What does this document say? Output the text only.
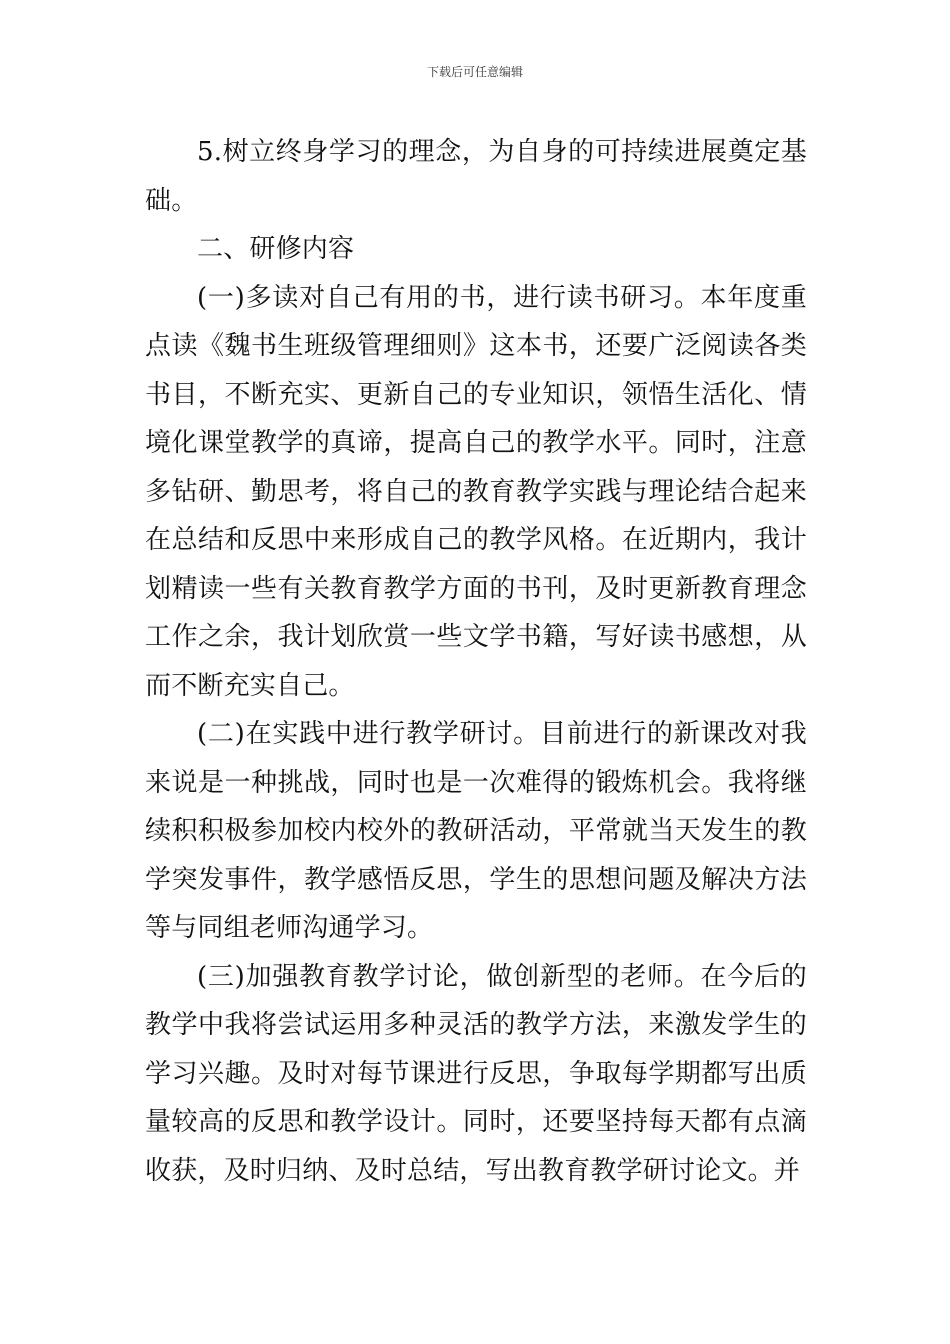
下载后可任意编辑

5.树立终身学习的理念，为自身的可持续进展奠定基础。

二、研修内容

(一)多读对自己有用的书，进行读书研习。本年度重点读《魏书生班级管理细则》这本书，还要广泛阅读各类书目，不断充实、更新自己的专业知识，领悟生活化、情境化课堂教学的真谛，提高自己的教学水平。同时，注意多钻研、勤思考，将自己的教育教学实践与理论结合起来在总结和反思中来形成自己的教学风格。在近期内，我计划精读一些有关教育教学方面的书刊，及时更新教育理念工作之余，我计划欣赏一些文学书籍，写好读书感想，从而不断充实自己。

(二)在实践中进行教学研讨。目前进行的新课改对我来说是一种挑战，同时也是一次难得的锻炼机会。我将继续积积极参加校内校外的教研活动，平常就当天发生的教学突发事件，教学感悟反思，学生的思想问题及解决方法等与同组老师沟通学习。

(三)加强教育教学讨论，做创新型的老师。在今后的教学中我将尝试运用多种灵活的教学方法，来激发学生的学习兴趣。及时对每节课进行反思，争取每学期都写出质量较高的反思和教学设计。同时，还要坚持每天都有点滴收获，及时归纳、及时总结，写出教育教学研讨论文。并
